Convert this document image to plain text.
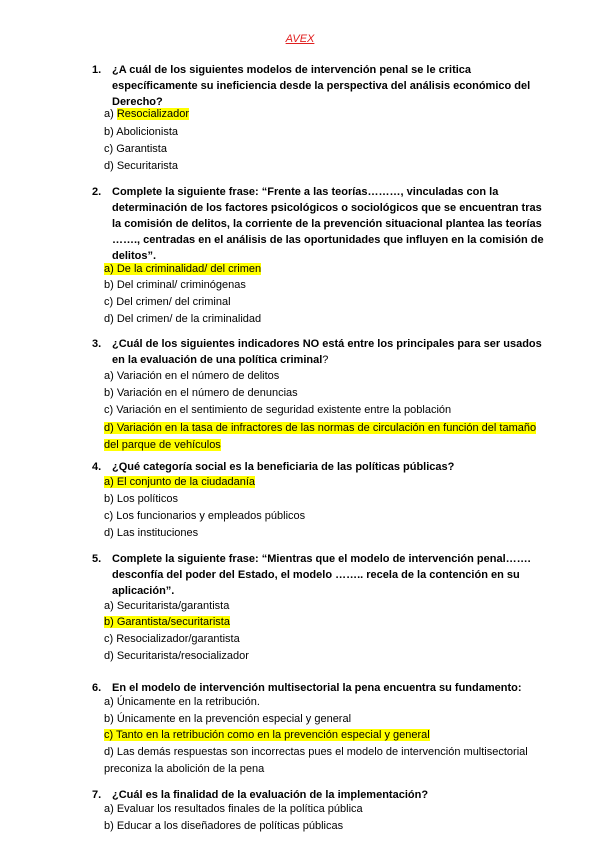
AVEX
1. ¿A cuál de los siguientes modelos de intervención penal se le critica específicamente su ineficiencia desde la perspectiva del análisis económico del Derecho?
a) Resocializador
b) Abolicionista
c) Garantista
d) Securitarista
2. Complete la siguiente frase: “Frente a las teorías………, vinculadas con la determinación de los factores psicológicos o sociológicos que se encuentran tras la comisión de delitos, la corriente de la prevención situacional plantea las teorías ……., centradas en el análisis de las oportunidades que influyen en la comisión de delitos”.
a) De la criminalidad/ del crimen
b) Del criminal/ criminógenas
c) Del crimen/ del criminal
d) Del crimen/ de la criminalidad
3. ¿Cuál de los siguientes indicadores NO está entre los principales para ser usados en la evaluación de una política criminal?
a) Variación en el número de delitos
b) Variación en el número de denuncias
c) Variación en el sentimiento de seguridad existente entre la población
d) Variación en la tasa de infractores de las normas de circulación en función del tamaño del parque de vehículos
4. ¿Qué categoría social es la beneficiaria de las políticas públicas?
a) El conjunto de la ciudadanía
b) Los políticos
c) Los funcionarios y empleados públicos
d) Las instituciones
5. Complete la siguiente frase: “Mientras que el modelo de intervención penal……. desconfía del poder del Estado, el modelo …….. recela de la contención en su aplicación”.
a) Securitarista/garantista
b) Garantista/securitarista
c) Resocializador/garantista
d) Securitarista/resocializador
6. En el modelo de intervención multisectorial la pena encuentra su fundamento:
a) Únicamente en la retribución.
b) Únicamente en la prevención especial y general
c) Tanto en la retribución como en la prevención especial y general
d) Las demás respuestas son incorrectas pues el modelo de intervención multisectorial preconiza la abolición de la pena
7. ¿Cuál es la finalidad de la evaluación de la implementación?
a) Evaluar los resultados finales de la política pública
b) Educar a los diseñadores de políticas públicas
